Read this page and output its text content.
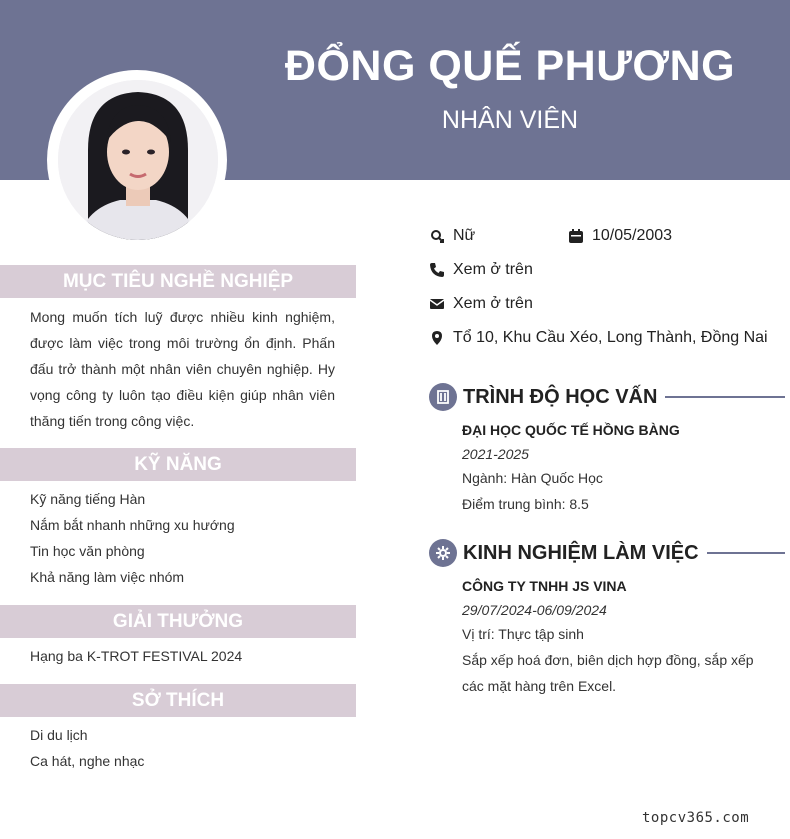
ĐỔNG QUẾ PHƯƠNG
NHÂN VIÊN
MỤC TIÊU NGHỀ NGHIỆP
Mong muốn tích luỹ được nhiều kinh nghiệm, được làm việc trong môi trường ổn định. Phấn đấu trở thành một nhân viên chuyên nghiệp. Hy vọng công ty luôn tạo điều kiện giúp nhân viên thăng tiến trong công việc.
KỸ NĂNG
Kỹ năng tiếng Hàn
Nắm bắt nhanh những xu hướng
Tin học văn phòng
Khả năng làm việc nhóm
GIẢI THƯỞNG
Hạng ba K-TROT FESTIVAL 2024
SỞ THÍCH
Di du lịch
Ca hát, nghe nhạc
Nữ	10/05/2003
Xem ở trên
Xem ở trên
Tổ 10, Khu Cầu Xéo, Long Thành, Đồng Nai
TRÌNH ĐỘ HỌC VẤN
ĐẠI HỌC QUỐC TẾ HỒNG BÀNG
2021-2025
Ngành: Hàn Quốc Học
Điểm trung bình: 8.5
KINH NGHIỆM LÀM VIỆC
CÔNG TY TNHH JS VINA
29/07/2024-06/09/2024
Vị trí: Thực tập sinh
Sắp xếp hoá đơn, biên dịch hợp đồng, sắp xếp các mặt hàng trên Excel.
topcv365.com
